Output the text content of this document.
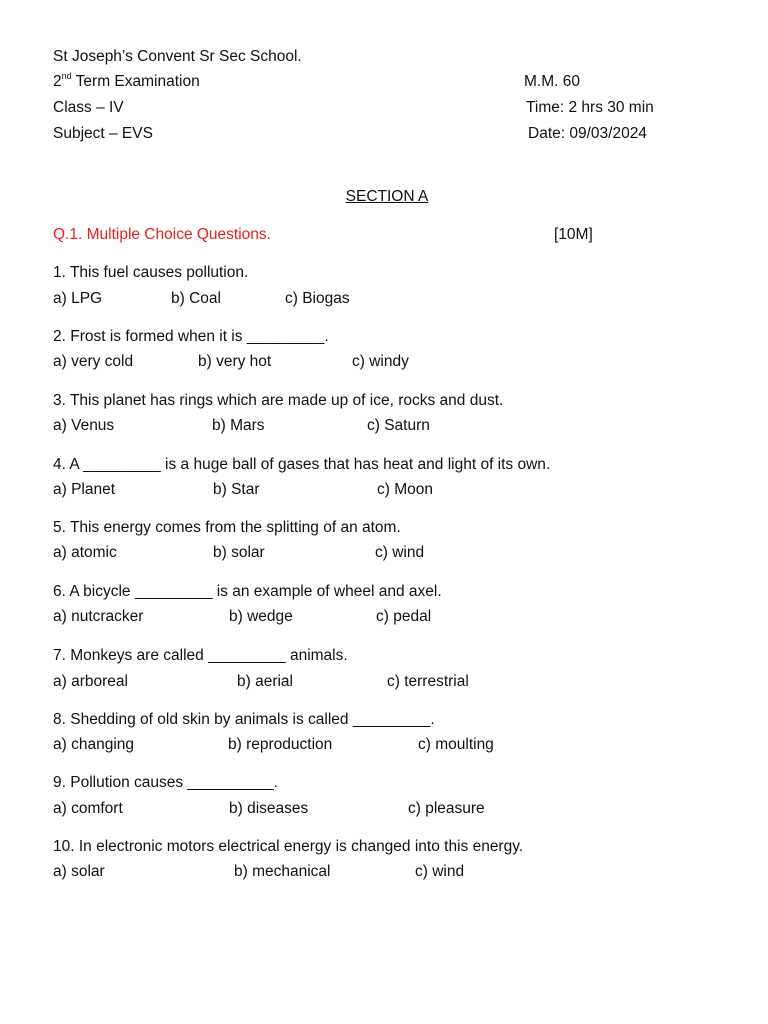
St Joseph’s Convent Sr Sec School.
2nd Term Examination
Class – IV
Subject – EVS
M.M. 60
Time: 2 hrs 30 min
Date: 09/03/2024
SECTION A
Q.1. Multiple Choice Questions.	[10M]
1. This fuel causes pollution.
a) LPG	b) Coal	c) Biogas
2. Frost is formed when it is _________.
a) very cold	b) very hot	c) windy
3. This planet has rings which are made up of ice, rocks and dust.
a) Venus	b) Mars	c) Saturn
4. A _________ is a huge ball of gases that has heat and light of its own.
a) Planet	b) Star	c) Moon
5. This energy comes from the splitting of an atom.
a) atomic	b) solar	c) wind
6. A bicycle _________ is an example of wheel and axel.
a) nutcracker	b) wedge	c) pedal
7. Monkeys are called _________ animals.
a) arboreal	b) aerial	c) terrestrial
8. Shedding of old skin by animals is called _________.
a) changing	b) reproduction	c) moulting
9. Pollution causes __________.
a) comfort	b) diseases	c) pleasure
10. In electronic motors electrical energy is changed into this energy.
a) solar	b) mechanical	c) wind
